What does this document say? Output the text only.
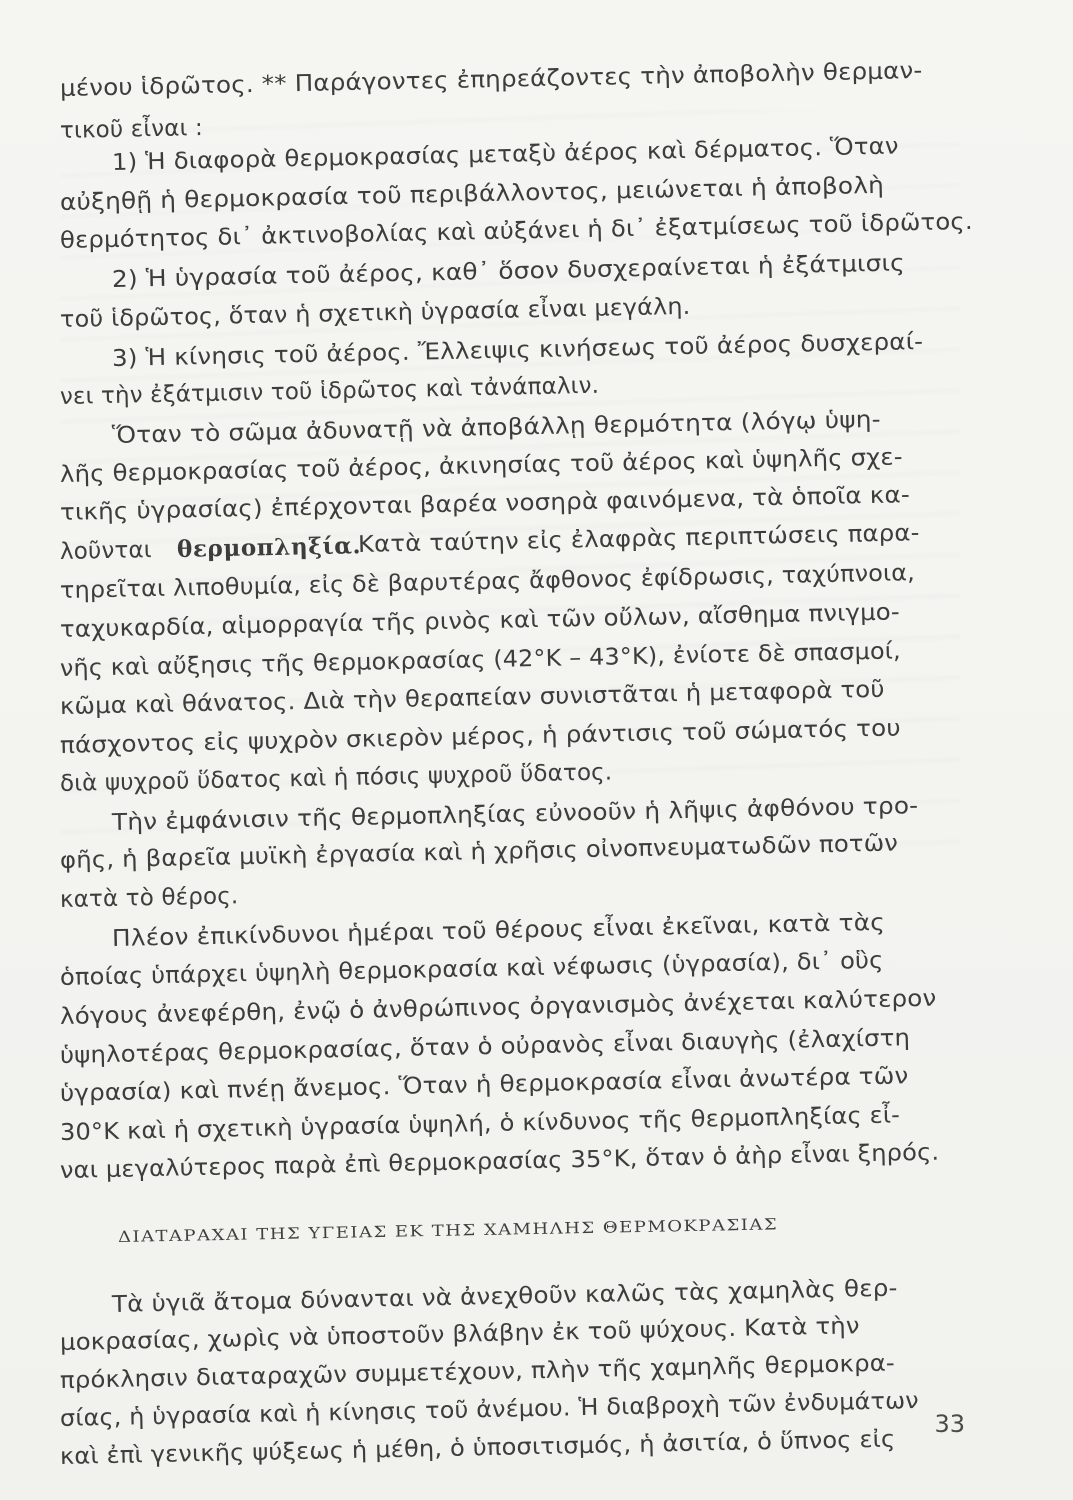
μένου ἱδρῶτος. ** Παράγοντες ἐπηρεάζοντες τὴν ἀποβολὴν θερμαν-
τικοῦ εἶναι :
1) Ἡ διαφορὰ θερμοκρασίας μεταξὺ ἀέρος καὶ δέρματος. Ὅταν
αὐξηθῇ ἡ θερμοκρασία τοῦ περιβάλλοντος, μειώνεται ἡ ἀποβολὴ
θερμότητος δι᾽ ἀκτινοβολίας καὶ αὐξάνει ἡ δι᾽ ἐξατμίσεως τοῦ ἱδρῶτος.
2) Ἡ ὑγρασία τοῦ ἀέρος, καθ᾽ ὅσον δυσχεραίνεται ἡ ἐξάτμισις
τοῦ ἱδρῶτος, ὅταν ἡ σχετικὴ ὑγρασία εἶναι μεγάλη.
3) Ἡ κίνησις τοῦ ἀέρος. Ἔλλειψις κινήσεως τοῦ ἀέρος δυσχεραί-
νει τὴν ἐξάτμισιν τοῦ ἱδρῶτος καὶ τἀνάπαλιν.
Ὅταν τὸ σῶμα ἀδυνατῇ νὰ ἀποβάλλῃ θερμότητα (λόγῳ ὑψη-
λῆς θερμοκρασίας τοῦ ἀέρος, ἀκινησίας τοῦ ἀέρος καὶ ὑψηλῆς σχε-
τικῆς ὑγρασίας) ἐπέρχονται βαρέα νοσηρὰ φαινόμενα, τὰ ὁποῖα κα-
λοῦνται θερμοπληξία.
Κατὰ ταύτην εἰς ἐλαφρὰς περιπτώσεις παρα-
τηρεῖται λιποθυμία, εἰς δὲ βαρυτέρας ἄφθονος ἐφίδρωσις, ταχύπνοια,
ταχυκαρδία, αἱμορραγία τῆς ρινὸς καὶ τῶν οὔλων, αἴσθημα πνιγμο-
νῆς καὶ αὔξησις τῆς θερμοκρασίας (42°Κ – 43°Κ), ἐνίοτε δὲ σπασμοί,
κῶμα καὶ θάνατος. Διὰ τὴν θεραπείαν συνιστᾶται ἡ μεταφορὰ τοῦ
πάσχοντος εἰς ψυχρὸν σκιερὸν μέρος, ἡ ράντισις τοῦ σώματός του
διὰ ψυχροῦ ὕδατος καὶ ἡ πόσις ψυχροῦ ὕδατος.
Τὴν ἐμφάνισιν τῆς θερμοπληξίας εὐνοοῦν ἡ λῆψις ἀφθόνου τρο-
φῆς, ἡ βαρεῖα μυϊκὴ ἐργασία καὶ ἡ χρῆσις οἰνοπνευματωδῶν ποτῶν
κατὰ τὸ θέρος.
Πλέον ἐπικίνδυνοι ἡμέραι τοῦ θέρους εἶναι ἐκεῖναι, κατὰ τὰς
ὁποίας ὑπάρχει ὑψηλὴ θερμοκρασία καὶ νέφωσις (ὑγρασία), δι᾽ οὓς
λόγους ἀνεφέρθη, ἐνῷ ὁ ἀνθρώπινος ὀργανισμὸς ἀνέχεται καλύτερον
ὑψηλοτέρας θερμοκρασίας, ὅταν ὁ οὐρανὸς εἶναι διαυγὴς (ἐλαχίστη
ὑγρασία) καὶ πνέῃ ἄνεμος. Ὅταν ἡ θερμοκρασία εἶναι ἀνωτέρα τῶν
30°Κ καὶ ἡ σχετικὴ ὑγρασία ὑψηλή, ὁ κίνδυνος τῆς θερμοπληξίας εἶ-
ναι μεγαλύτερος παρὰ ἐπὶ θερμοκρασίας 35°Κ, ὅταν ὁ ἀὴρ εἶναι ξηρός.
ΔΙΑΤΑΡΑΧΑΙ ΤΗΣ ΥΓΕΙΑΣ ΕΚ ΤΗΣ ΧΑΜΗΛΗΣ ΘΕΡΜΟΚΡΑΣΙΑΣ
Τὰ ὑγιᾶ ἄτομα δύνανται νὰ ἀνεχθοῦν καλῶς τὰς χαμηλὰς θερ-
μοκρασίας, χωρὶς νὰ ὑποστοῦν βλάβην ἐκ τοῦ ψύχους. Κατὰ τὴν
πρόκλησιν διαταραχῶν συμμετέχουν, πλὴν τῆς χαμηλῆς θερμοκρα-
σίας, ἡ ὑγρασία καὶ ἡ κίνησις τοῦ ἀνέμου. Ἡ διαβροχὴ τῶν ἐνδυμάτων
καὶ ἐπὶ γενικῆς ψύξεως ἡ μέθη, ὁ ὑποσιτισμός, ἡ ἀσιτία, ὁ ὕπνος εἰς
33
